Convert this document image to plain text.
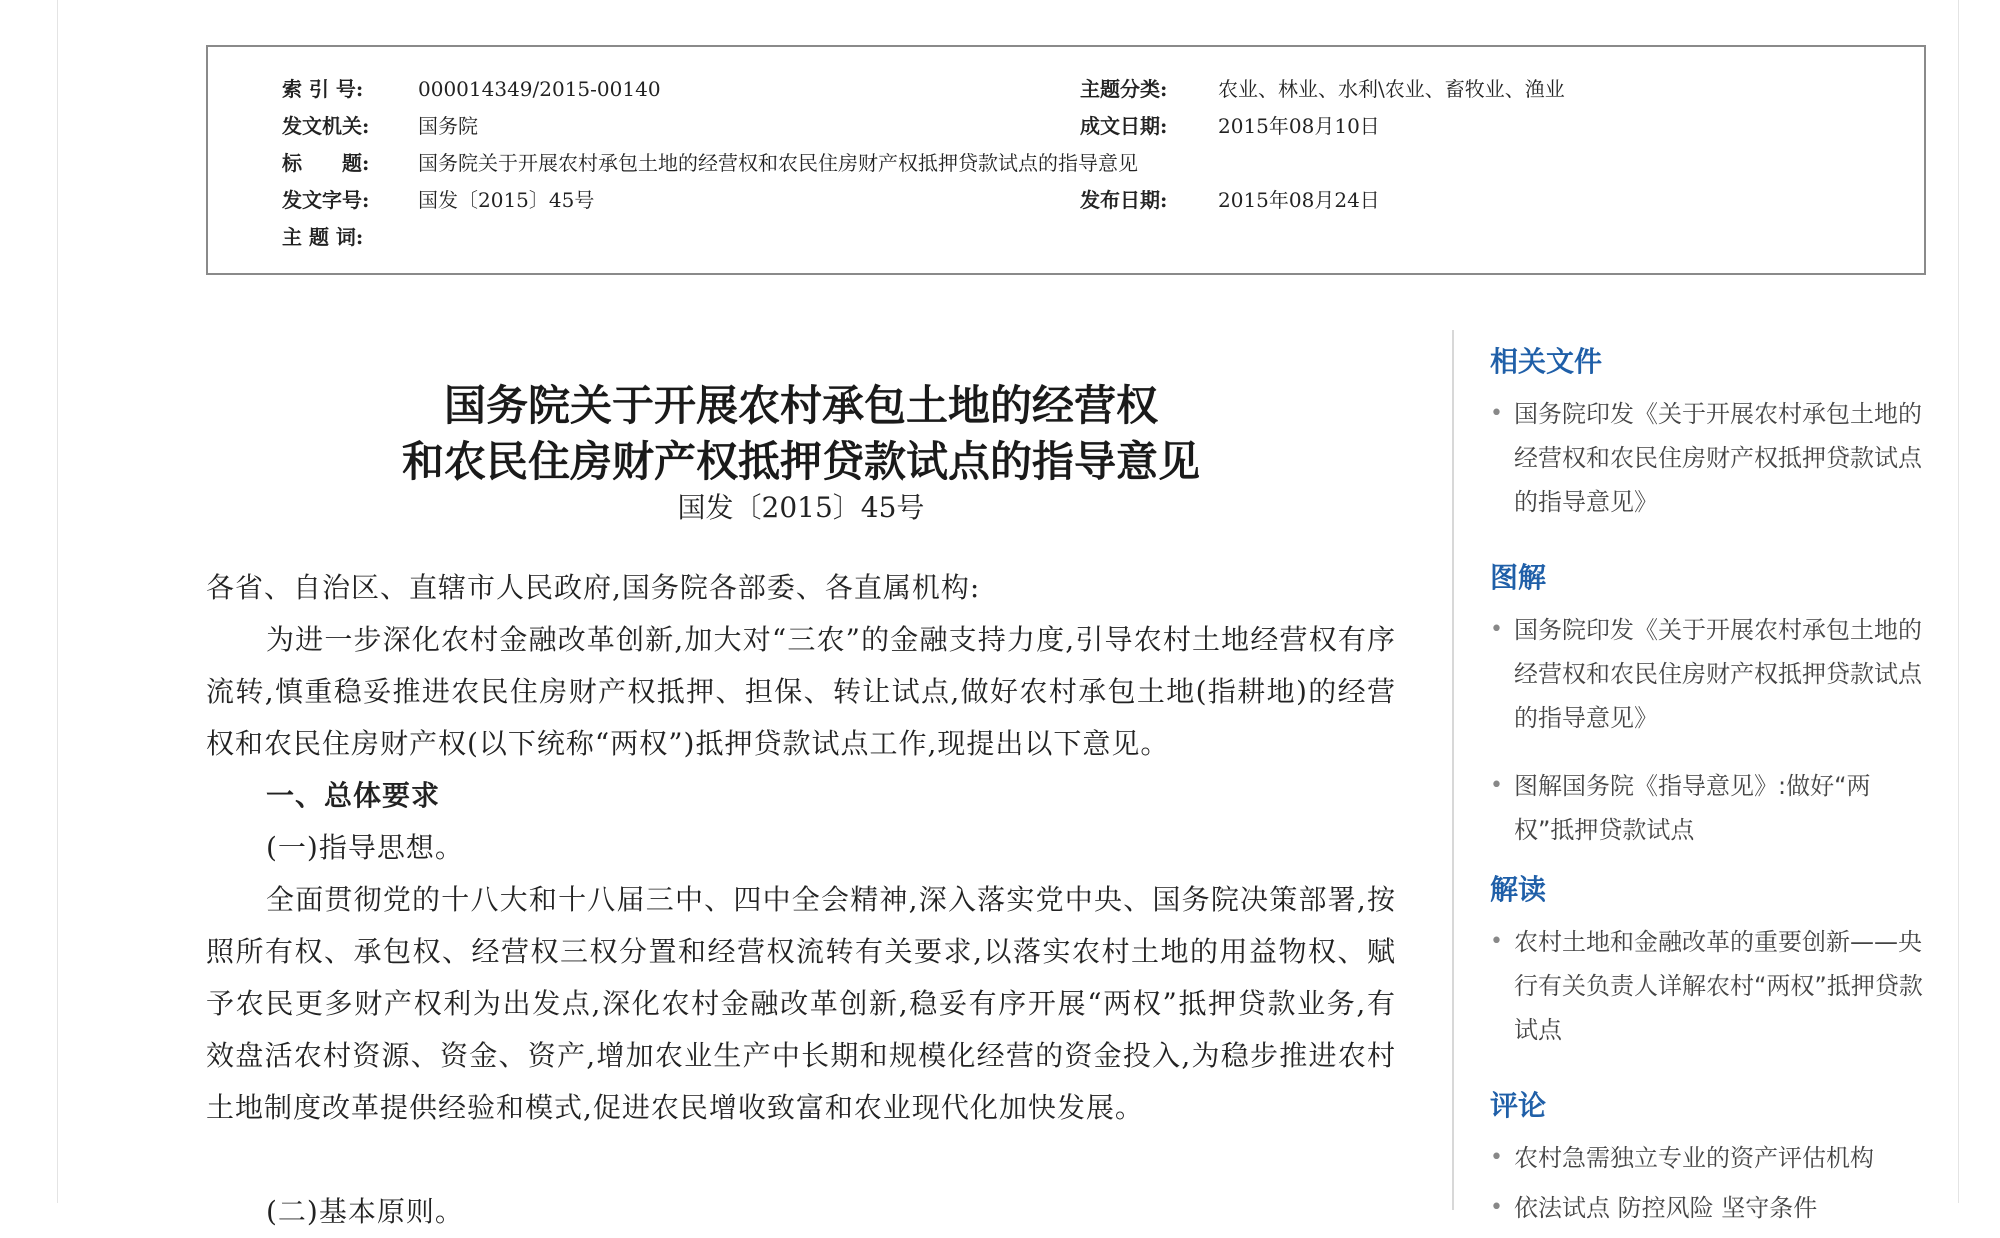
索 引 号:	000014349/2015-00140	主题分类:	农业、林业、水利\农业、畜牧业、渔业
发文机关: 国务院	成文日期:	2015年08月10日
标　　题: 国务院关于开展农村承包土地的经营权和农民住房财产权抵押贷款试点的指导意见
发文字号: 国发〔2015〕45号	发布日期:	2015年08月24日
主 题 词:
国务院关于开展农村承包土地的经营权
和农民住房财产权抵押贷款试点的指导意见
国发〔2015〕45号
各省、自治区、直辖市人民政府,国务院各部委、各直属机构:
为进一步深化农村金融改革创新,加大对“三农”的金融支持力度,引导农村土地经营权有序流转,慎重稳妥推进农民住房财产权抵押、担保、转让试点,做好农村承包土地(指耕地)的经营权和农民住房财产权(以下统称“两权”)抵押贷款试点工作,现提出以下意见。
一、总体要求
(一)指导思想。
全面贯彻党的十八大和十八届三中、四中全会精神,深入落实党中央、国务院决策部署,按照所有权、承包权、经营权三权分置和经营权流转有关要求,以落实农村土地的用益物权、赋予农民更多财产权利为出发点,深化农村金融改革创新,稳妥有序开展“两权”抵押贷款业务,有效盘活农村资源、资金、资产,增加农业生产中长期和规模化经营的资金投入,为稳步推进农村土地制度改革提供经验和模式,促进农民增收致富和农业现代化加快发展。
(二)基本原则。
相关文件
• 国务院印发《关于开展农村承包土地的经营权和农民住房财产权抵押贷款试点的指导意见》
图解
• 国务院印发《关于开展农村承包土地的经营权和农民住房财产权抵押贷款试点的指导意见》
• 图解国务院《指导意见》:做好“两权”抵押贷款试点
解读
• 农村土地和金融改革的重要创新——央行有关负责人详解农村“两权”抵押贷款试点
评论
• 农村急需独立专业的资产评估机构
• 依法试点 防控风险 坚守条件
